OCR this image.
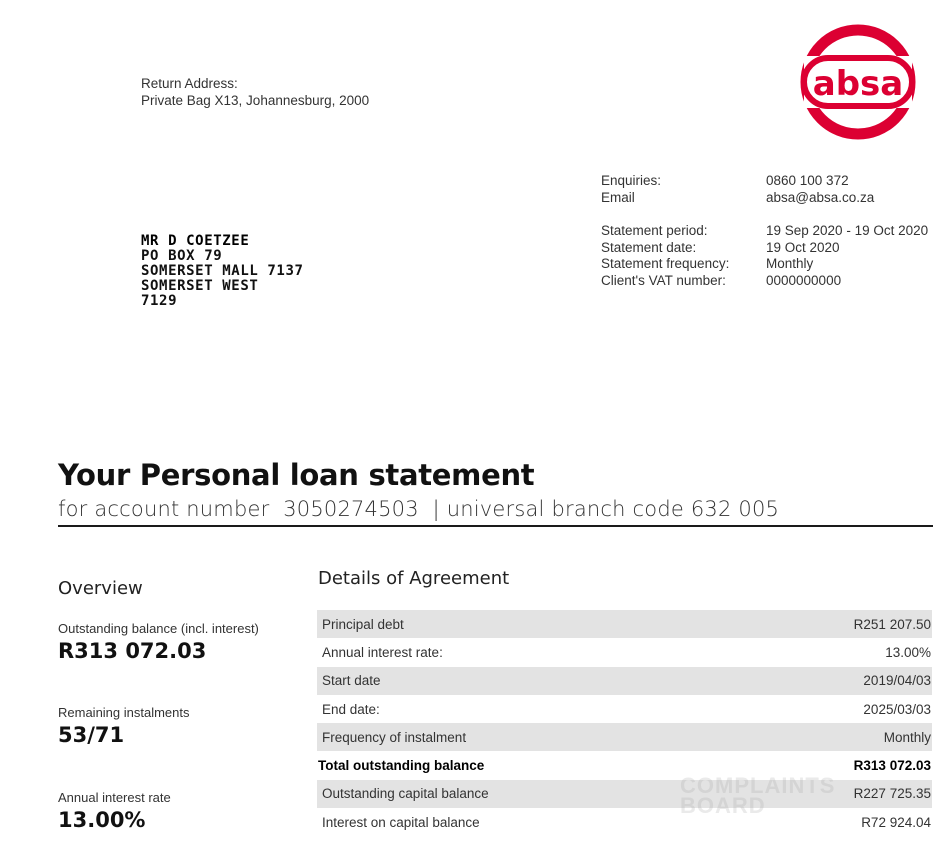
Return Address:
Private Bag X13, Johannesburg, 2000	absa
Enquiries:	0860 100 372
Email	absa@absa.co.za
Statement period:	19 Sep 2020 - 19 Oct 2020
Statement date:	19 Oct 2020
Statement frequency:	Monthly
Client's VAT number:	0000000000
MR D COETZEE
PO BOX 79
SOMERSET MALL 7137
SOMERSET WEST
7129
Your Personal loan statement
for account number  3050274503  | universal branch code 632 005
Overview
Outstanding balance (incl. interest)
R313 072.03
Remaining instalments
53/71
Annual interest rate
13.00%
Details of Agreement
Principal debt	R251 207.50
Annual interest rate:	13.00%
Start date	2019/04/03
End date:	2025/03/03
Frequency of instalment	Monthly
Total outstanding balance	R313 072.03
Outstanding capital balance	R227 725.35
Interest on capital balance	R72 924.04
COMPLAINTS
BOARD
